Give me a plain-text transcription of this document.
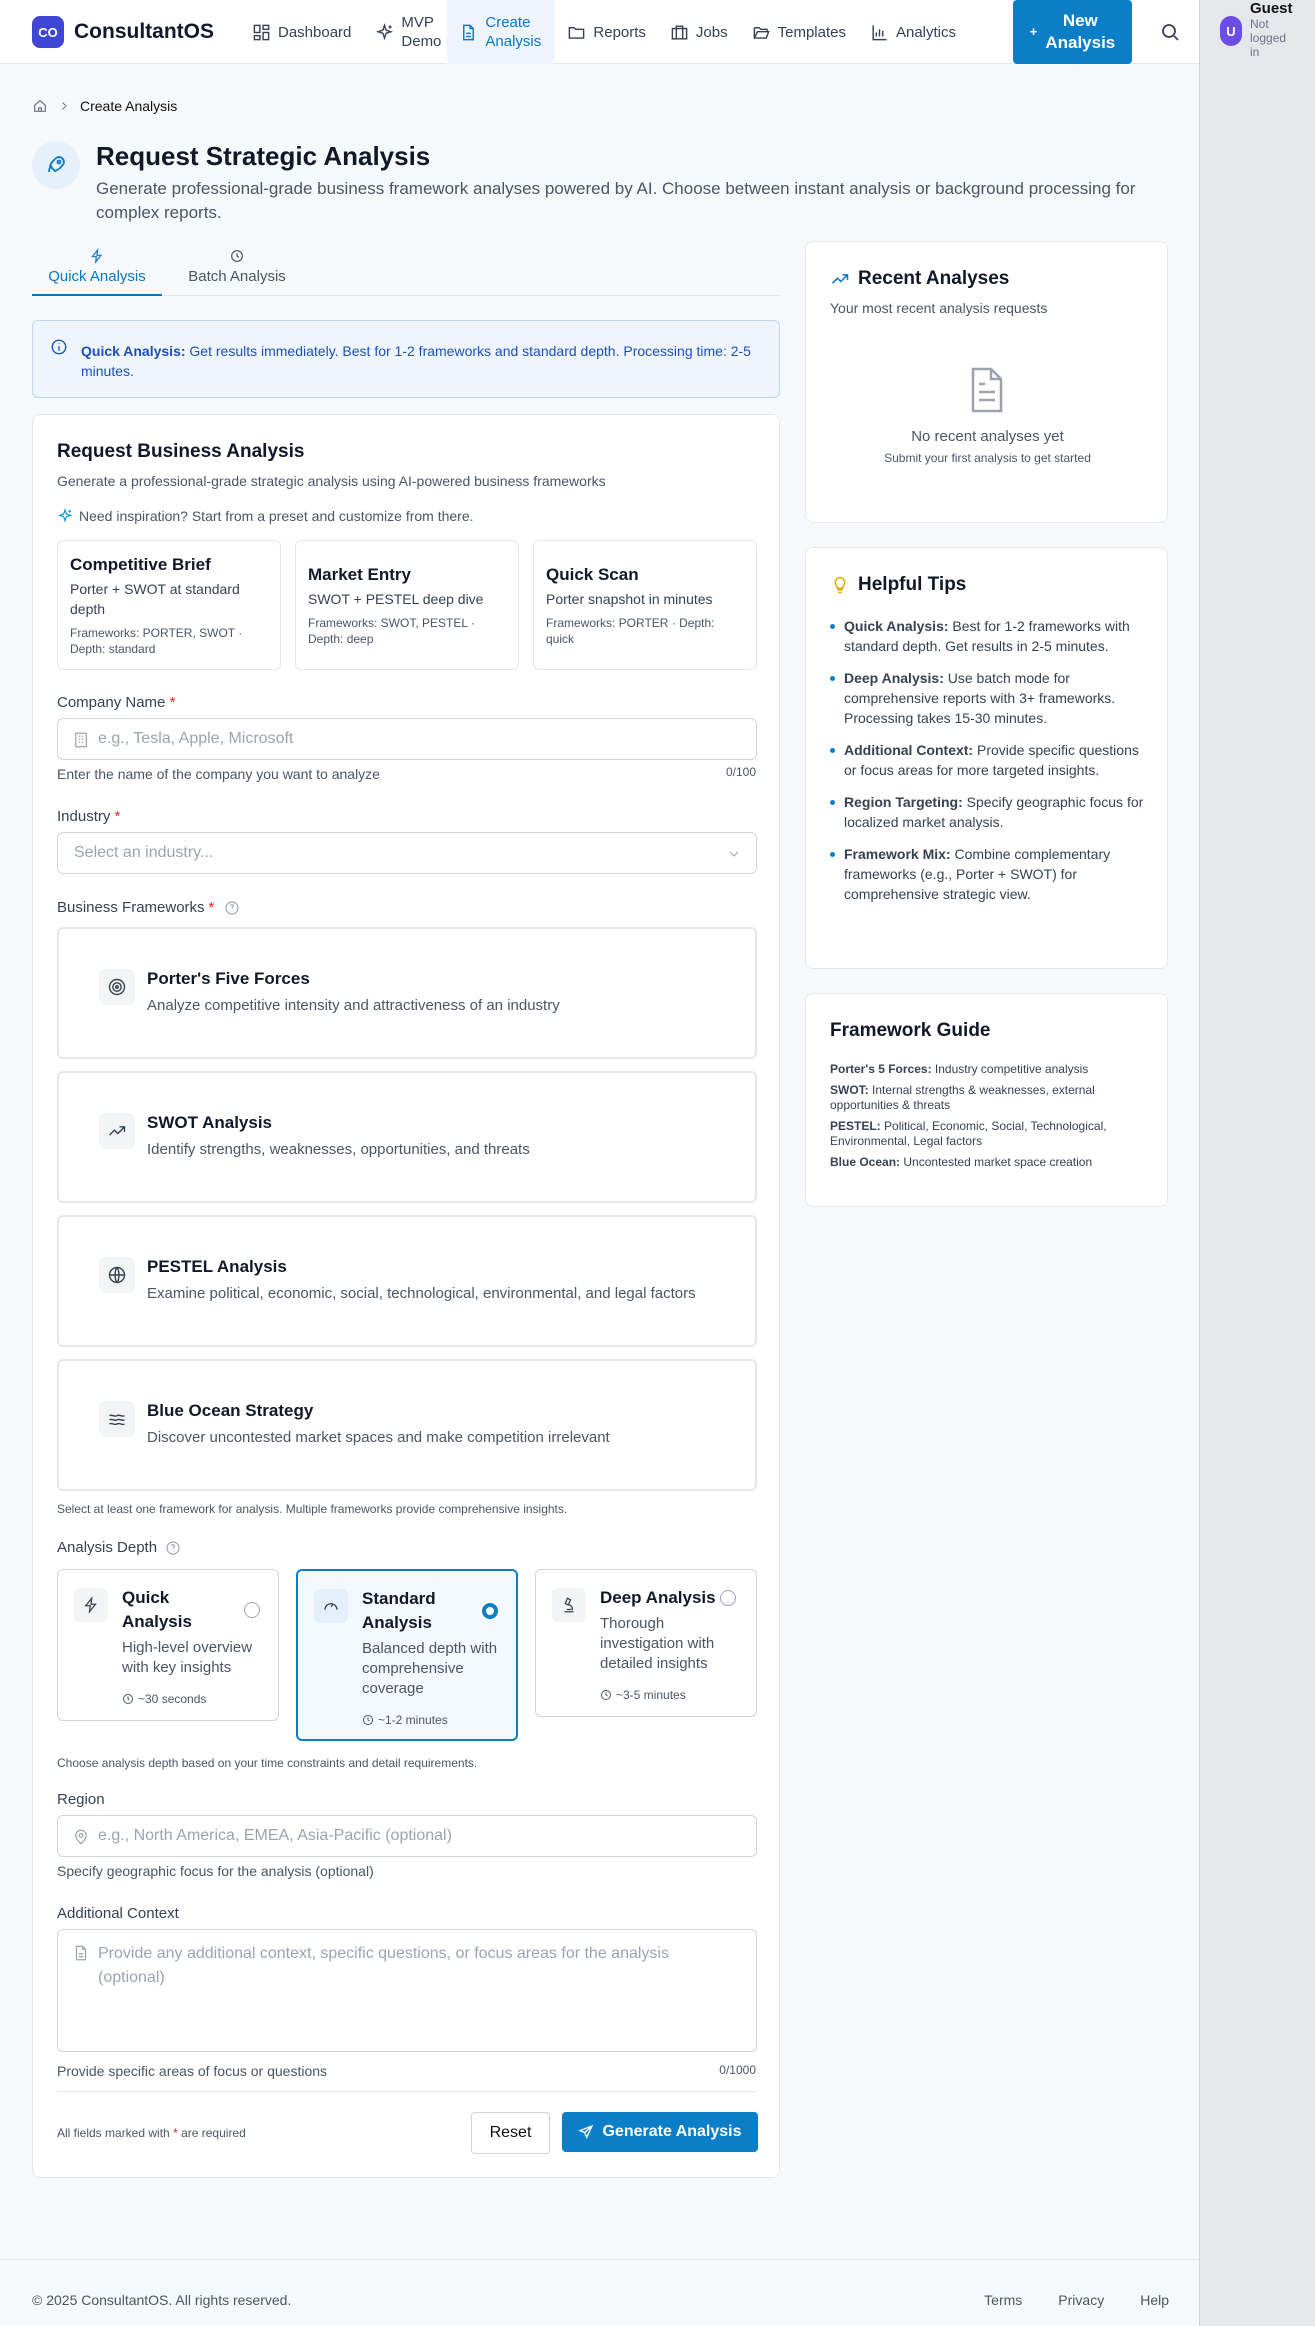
CO ConsultantOS	Dashboard
MVP Demo
Create Analysis
Reports	Jobs	Templates	Analytics	+
New Analysis
Create Analysis
Request Strategic Analysis
Generate professional-grade business framework analyses powered by AI. Choose between instant analysis or background processing for complex reports.
Quick Analysis	Batch Analysis
Quick Analysis: Get results immediately. Best for 1-2 frameworks and standard depth. Processing time: 2-5 minutes.
Request Business Analysis
Generate a professional-grade strategic analysis using AI-powered business frameworks
Need inspiration? Start from a preset and customize from there.
Competitive Brief
Porter + SWOT at standard depth
Frameworks: PORTER, SWOT · Depth: standard
Market Entry
SWOT + PESTEL deep dive
Frameworks: SWOT, PESTEL · Depth: deep
Quick Scan
Porter snapshot in minutes
Frameworks: PORTER · Depth: quick
Company Name *
e.g., Tesla, Apple, Microsoft
Enter the name of the company you want to analyze	0/100
Industry *
Select an industry...
Business Frameworks *
Porter's Five Forces
Analyze competitive intensity and attractiveness of an industry
SWOT Analysis
Identify strengths, weaknesses, opportunities, and threats
PESTEL Analysis
Examine political, economic, social, technological, environmental, and legal factors
Blue Ocean Strategy
Discover uncontested market spaces and make competition irrelevant
Select at least one framework for analysis. Multiple frameworks provide comprehensive insights.
Analysis Depth
Quick Analysis
High-level overview with key insights
~30 seconds
Standard Analysis
Balanced depth with comprehensive coverage
~1-2 minutes
Deep Analysis
Thorough investigation with detailed insights
~3-5 minutes
Choose analysis depth based on your time constraints and detail requirements.
Region
e.g., North America, EMEA, Asia-Pacific (optional)
Specify geographic focus for the analysis (optional)
Additional Context
Provide any additional context, specific questions, or focus areas for the analysis (optional)
Provide specific areas of focus or questions	0/1000
All fields marked with * are required	Reset	Generate Analysis
Recent Analyses
Your most recent analysis requests
No recent analyses yet
Submit your first analysis to get started
Helpful Tips
Quick Analysis: Best for 1-2 frameworks with standard depth. Get results in 2-5 minutes.
Deep Analysis: Use batch mode for comprehensive reports with 3+ frameworks. Processing takes 15-30 minutes.
Additional Context: Provide specific questions or focus areas for more targeted insights.
Region Targeting: Specify geographic focus for localized market analysis.
Framework Mix: Combine complementary frameworks (e.g., Porter + SWOT) for comprehensive strategic view.
Framework Guide
Porter's 5 Forces: Industry competitive analysis
SWOT: Internal strengths & weaknesses, external opportunities & threats
PESTEL: Political, Economic, Social, Technological, Environmental, Legal factors
Blue Ocean: Uncontested market space creation
© 2025 ConsultantOS. All rights reserved.	Terms	Privacy	Help
U
Guest
Not logged in
